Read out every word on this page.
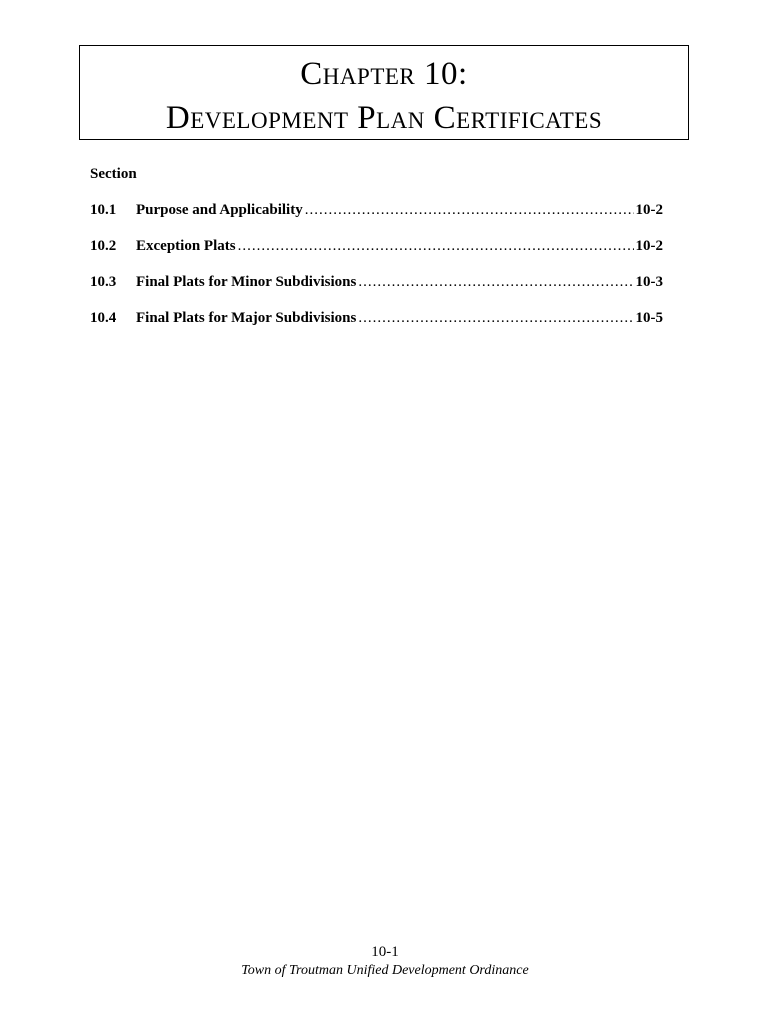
Chapter 10:
Development Plan Certificates
Section
10.1	Purpose and Applicability .....	10-2
10.2	Exception Plats .....	10-2
10.3	Final Plats for Minor Subdivisions .....	10-3
10.4	Final Plats for Major Subdivisions .....	10-5
10-1
Town of Troutman Unified Development Ordinance
